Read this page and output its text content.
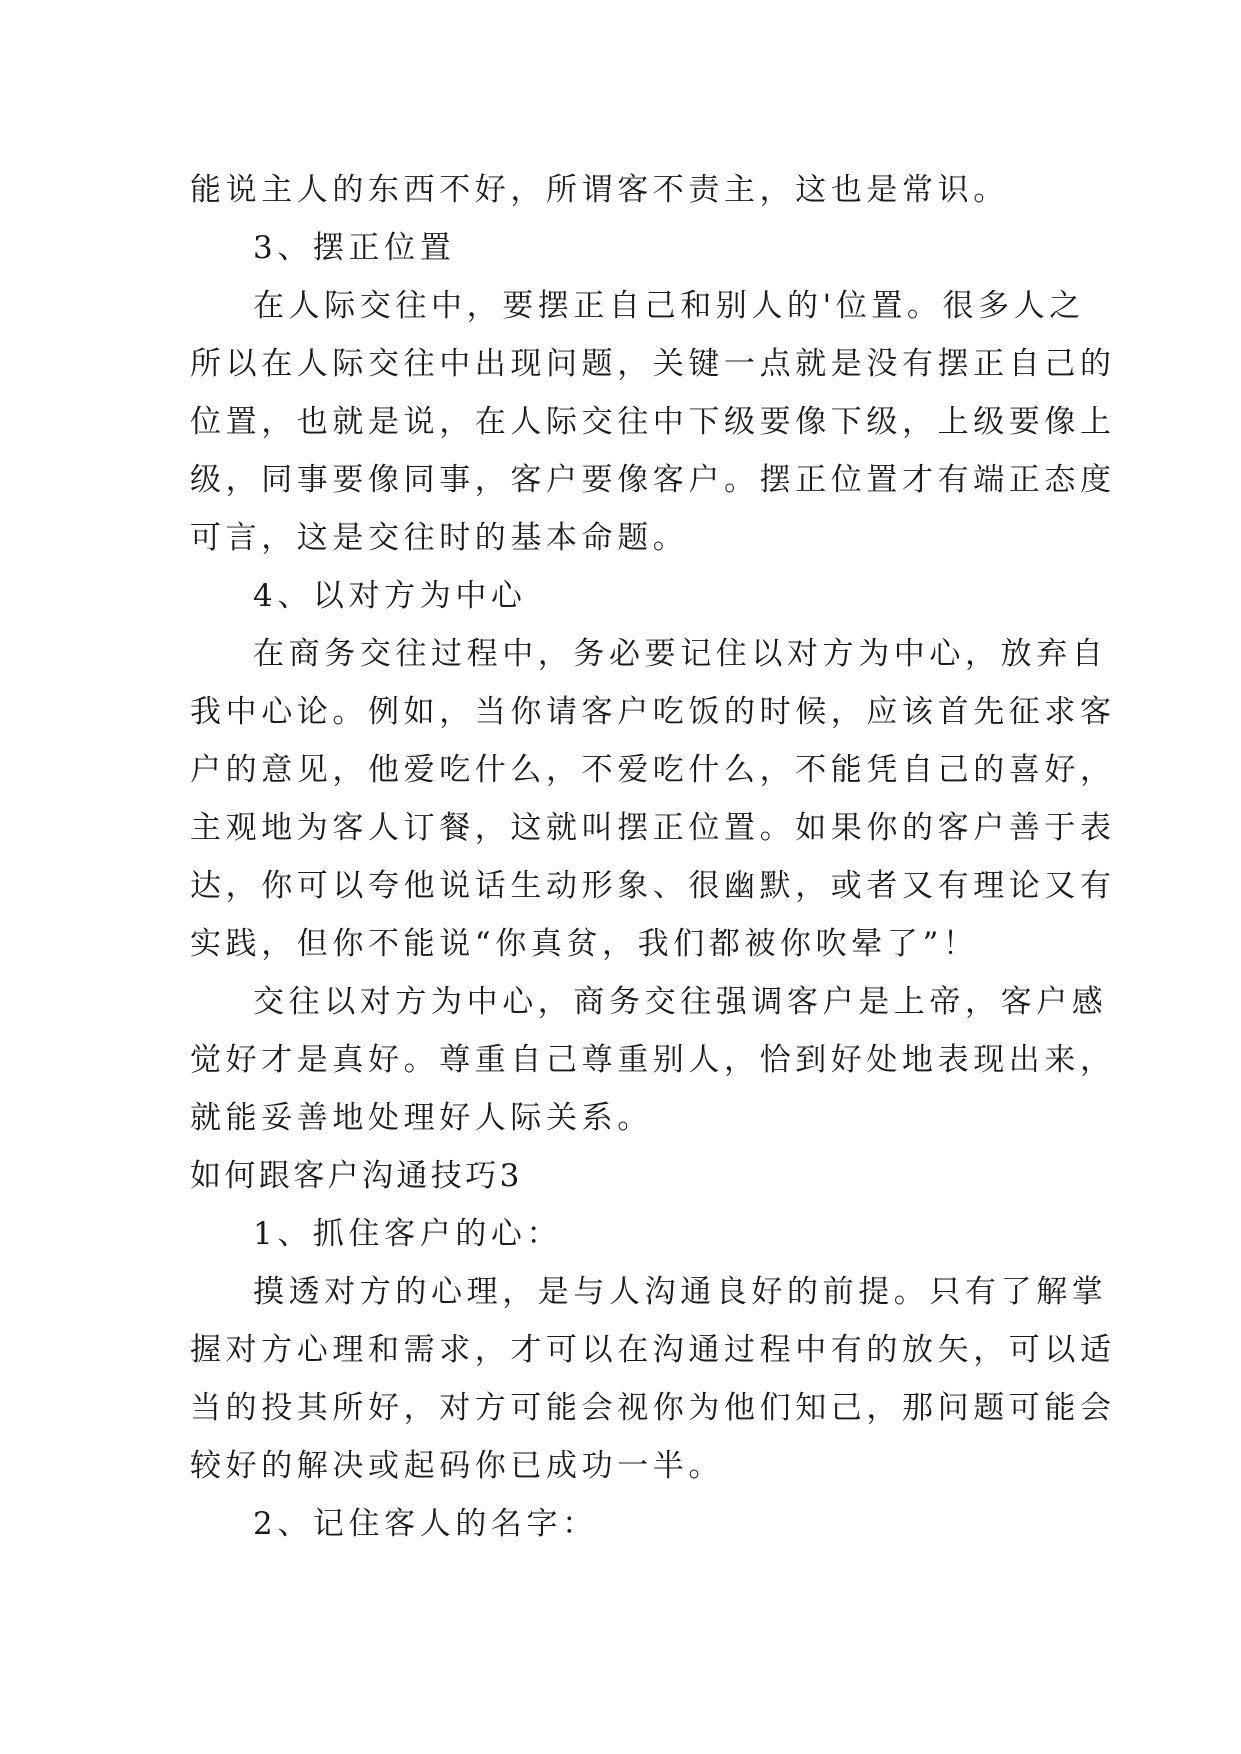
能说主人的东西不好，所谓客不责主，这也是常识。

3、摆正位置

在人际交往中，要摆正自己和别人的'位置。很多人之

所以在人际交往中出现问题，关键一点就是没有摆正自己的

位置，也就是说，在人际交往中下级要像下级，上级要像上

级，同事要像同事，客户要像客户。摆正位置才有端正态度

可言，这是交往时的基本命题。

4、以对方为中心

在商务交往过程中，务必要记住以对方为中心，放弃自

我中心论。例如，当你请客户吃饭的时候，应该首先征求客

户的意见，他爱吃什么，不爱吃什么，不能凭自己的喜好，

主观地为客人订餐，这就叫摆正位置。如果你的客户善于表

达，你可以夸他说话生动形象、很幽默，或者又有理论又有

实践，但你不能说“你真贫，我们都被你吹晕了”！

交往以对方为中心，商务交往强调客户是上帝，客户感

觉好才是真好。尊重自己尊重别人，恰到好处地表现出来，

就能妥善地处理好人际关系。

如何跟客户沟通技巧3

1、抓住客户的心：

摸透对方的心理，是与人沟通良好的前提。只有了解掌

握对方心理和需求，才可以在沟通过程中有的放矢，可以适

当的投其所好，对方可能会视你为他们知己，那问题可能会

较好的解决或起码你已成功一半。

2、记住客人的名字：
